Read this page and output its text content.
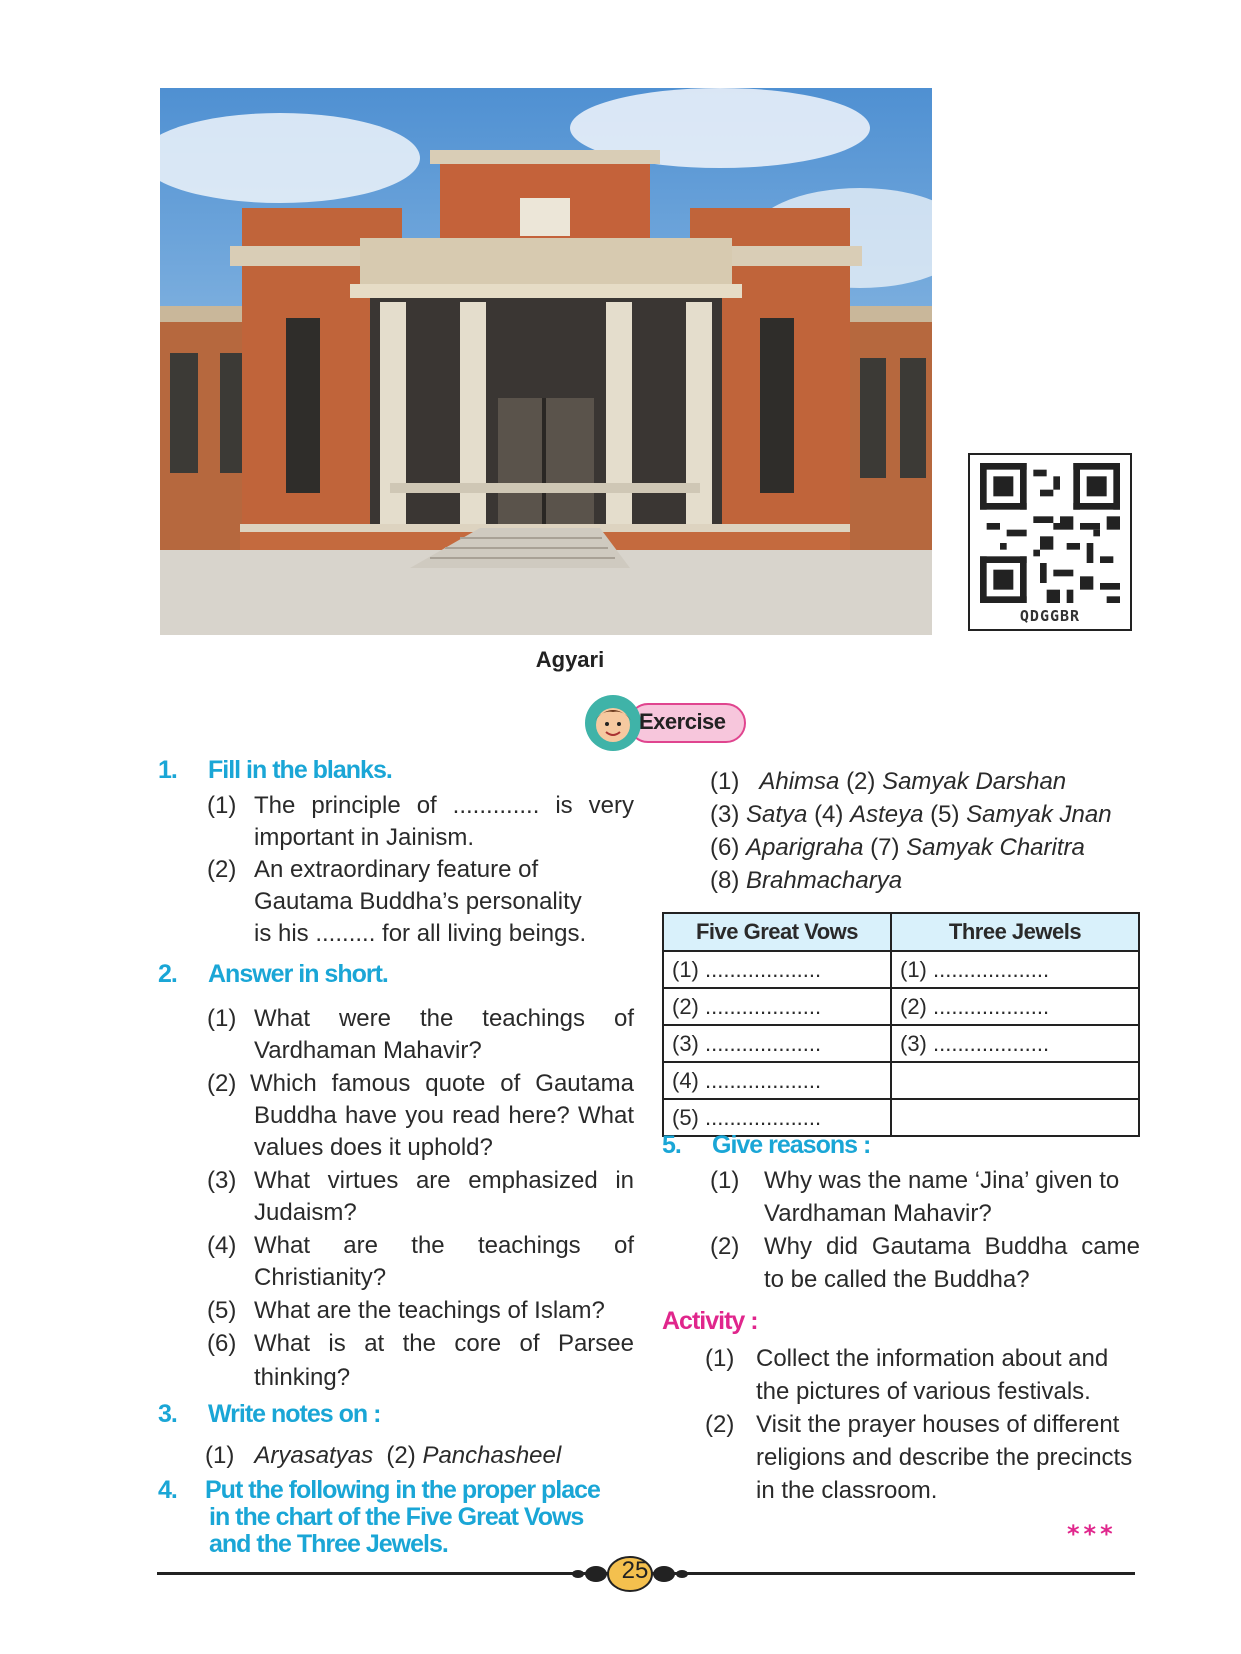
QDGGBR
Agyari
Exercise
1. Fill in the blanks.
(1) The principle of ............. is very
important in Jainism.
(2) An extraordinary feature of
Gautama Buddha’s personality
is his ......... for all living beings.
2. Answer in short.
(1) What were the teachings of
Vardhaman Mahavir?
(2) Which famous quote of Gautama
Buddha have you read here? What
values does it uphold?
(3) What virtues are emphasized in
Judaism?
(4) What are the teachings of
Christianity?
(5) What are the teachings of Islam?
(6) What is at the core of Parsee
thinking?
3. Write notes on :
(1) Aryasatyas (2) Panchasheel
4. Put the following in the proper place
in the chart of the Five Great Vows
and the Three Jewels.
(1) Ahimsa (2) Samyak Darshan
(3) Satya (4) Asteya (5) Samyak Jnan
(6) Aparigraha (7) Samyak Charitra
(8) Brahmacharya
Five Great Vows	Three Jewels
(1) ...................	(1) ...................
(2) ...................	(2) ...................
(3) ...................	(3) ...................
(4) ...................	
(5) ...................	
5. Give reasons :
(1) Why was the name ‘Jina’ given to
Vardhaman Mahavir?
(2) Why did Gautama Buddha came
to be called the Buddha?
Activity :
(1) Collect the information about and
the pictures of various festivals.
(2) Visit the prayer houses of different
religions and describe the precincts
in the classroom.
***
25
